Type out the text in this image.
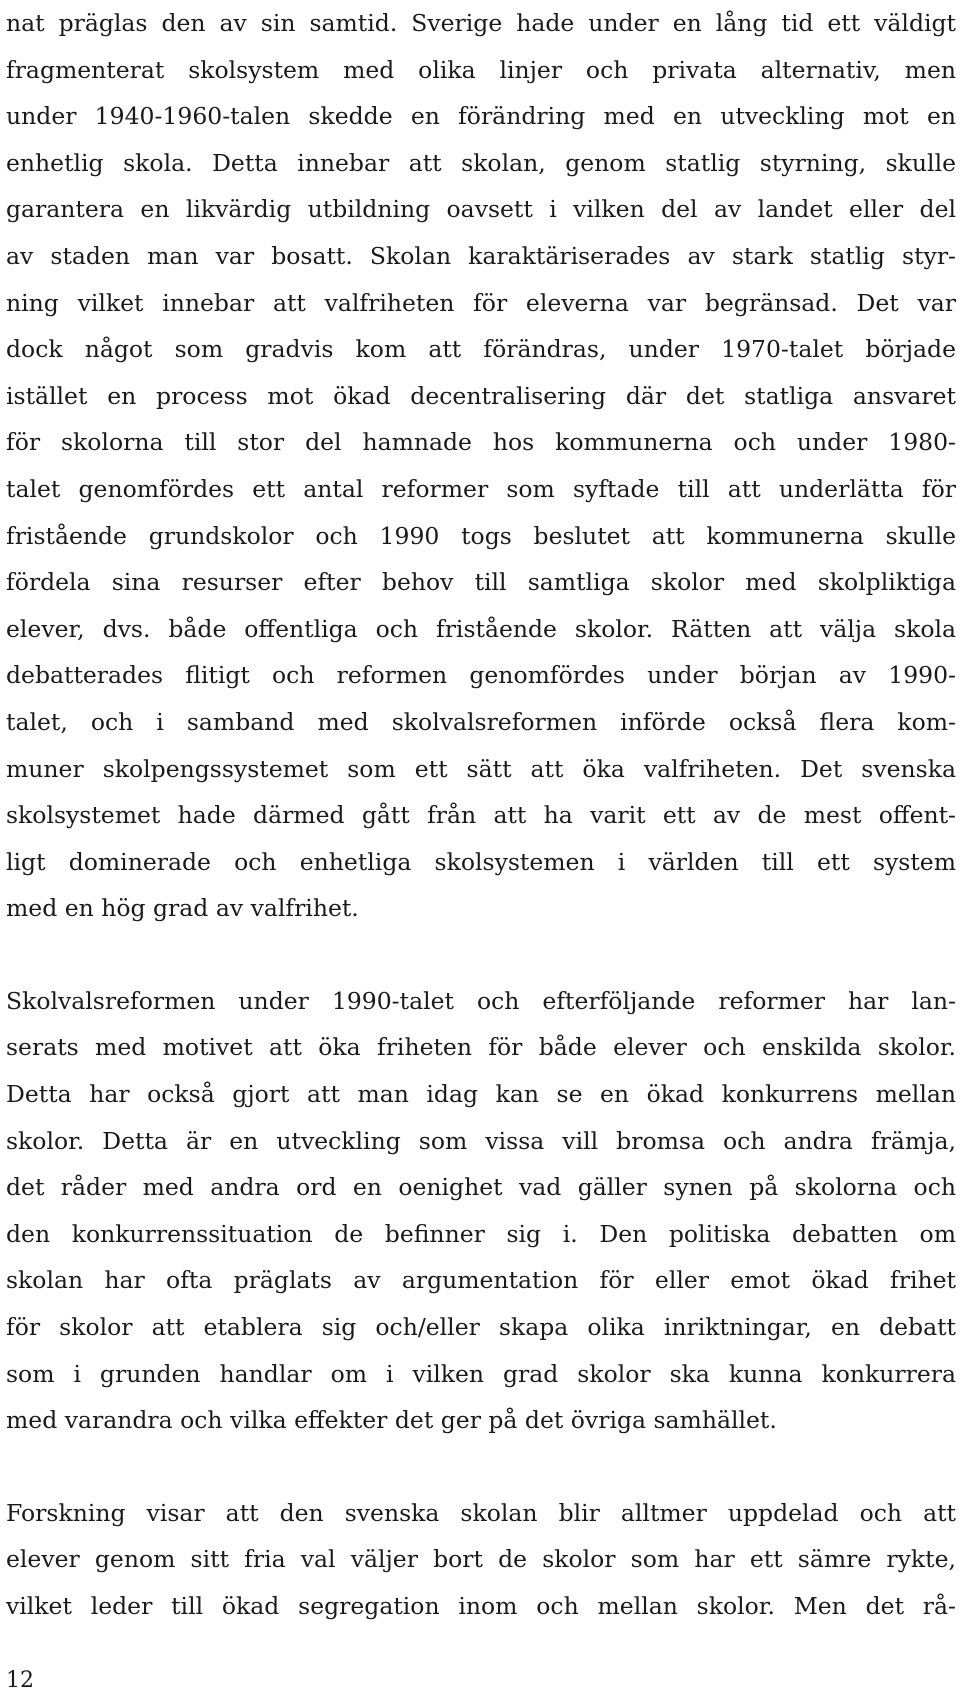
nat präglas den av sin samtid. Sverige hade under en lång tid ett väldigt
fragmenterat skolsystem med olika linjer och privata alternativ, men
under 1940-1960-talen skedde en förändring med en utveckling mot en
enhetlig skola. Detta innebar att skolan, genom statlig styrning, skulle
garantera en likvärdig utbildning oavsett i vilken del av landet eller del
av staden man var bosatt. Skolan karaktäriserades av stark statlig styr-
ning vilket innebar att valfriheten för eleverna var begränsad. Det var
dock något som gradvis kom att förändras, under 1970-talet började
istället en process mot ökad decentralisering där det statliga ansvaret
för skolorna till stor del hamnade hos kommunerna och under 1980-
talet genomfördes ett antal reformer som syftade till att underlätta för
fristående grundskolor och 1990 togs beslutet att kommunerna skulle
fördela sina resurser efter behov till samtliga skolor med skolpliktiga
elever, dvs. både offentliga och fristående skolor. Rätten att välja skola
debatterades flitigt och reformen genomfördes under början av 1990-
talet, och i samband med skolvalsreformen införde också flera kom-
muner skolpengssystemet som ett sätt att öka valfriheten. Det svenska
skolsystemet hade därmed gått från att ha varit ett av de mest offent-
ligt dominerade och enhetliga skolsystemen i världen till ett system
med en hög grad av valfrihet.
Skolvalsreformen under 1990-talet och efterföljande reformer har lan-
serats med motivet att öka friheten för både elever och enskilda skolor.
Detta har också gjort att man idag kan se en ökad konkurrens mellan
skolor. Detta är en utveckling som vissa vill bromsa och andra främja,
det råder med andra ord en oenighet vad gäller synen på skolorna och
den konkurrenssituation de befinner sig i. Den politiska debatten om
skolan har ofta präglats av argumentation för eller emot ökad frihet
för skolor att etablera sig och/eller skapa olika inriktningar, en debatt
som i grunden handlar om i vilken grad skolor ska kunna konkurrera
med varandra och vilka effekter det ger på det övriga samhället.
Forskning visar att den svenska skolan blir alltmer uppdelad och att
elever genom sitt fria val väljer bort de skolor som har ett sämre rykte,
vilket leder till ökad segregation inom och mellan skolor. Men det rå-
12
